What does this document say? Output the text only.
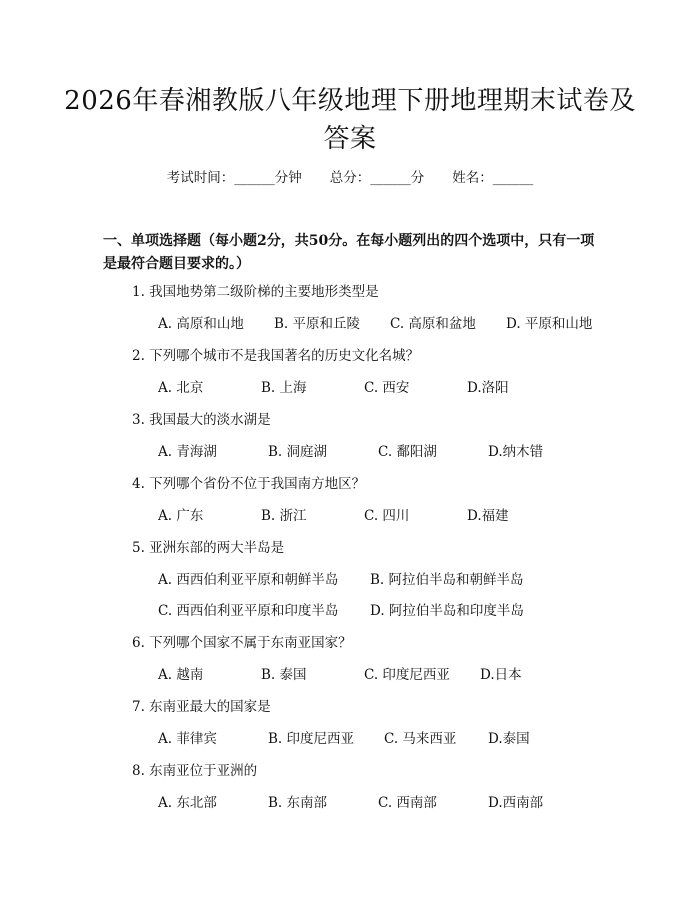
2026年春湘教版八年级地理下册地理期末试卷及答案
考试时间：______分钟 总分：______分 姓名：______
一、单项选择题（每小题2分，共50分。在每小题列出的四个选项中，只有一项是最符合题目要求的。）
1. 我国地势第二级阶梯的主要地形类型是
A. 高原和山地 B. 平原和丘陵 C. 高原和盆地 D. 平原和山地
2. 下列哪个城市不是我国著名的历史文化名城？
A. 北京	B. 上海	C. 西安	D.洛阳
3. 我国最大的淡水湖是
A. 青海湖	B. 洞庭湖	C. 鄱阳湖	D.纳木错
4. 下列哪个省份不位于我国南方地区？
A. 广东	B. 浙江	C. 四川	D.福建
5. 亚洲东部的两大半岛是
A. 西西伯利亚平原和朝鲜半岛 B. 阿拉伯半岛和朝鲜半岛
C. 西西伯利亚平原和印度半岛 D. 阿拉伯半岛和印度半岛
6. 下列哪个国家不属于东南亚国家？
A. 越南	B. 泰国	C. 印度尼西亚 D.日本
7. 东南亚最大的国家是
A. 菲律宾	B. 印度尼西亚 C. 马来西亚 D.泰国
8. 东南亚位于亚洲的
A. 东北部	B. 东南部	C. 西南部	D.西南部
